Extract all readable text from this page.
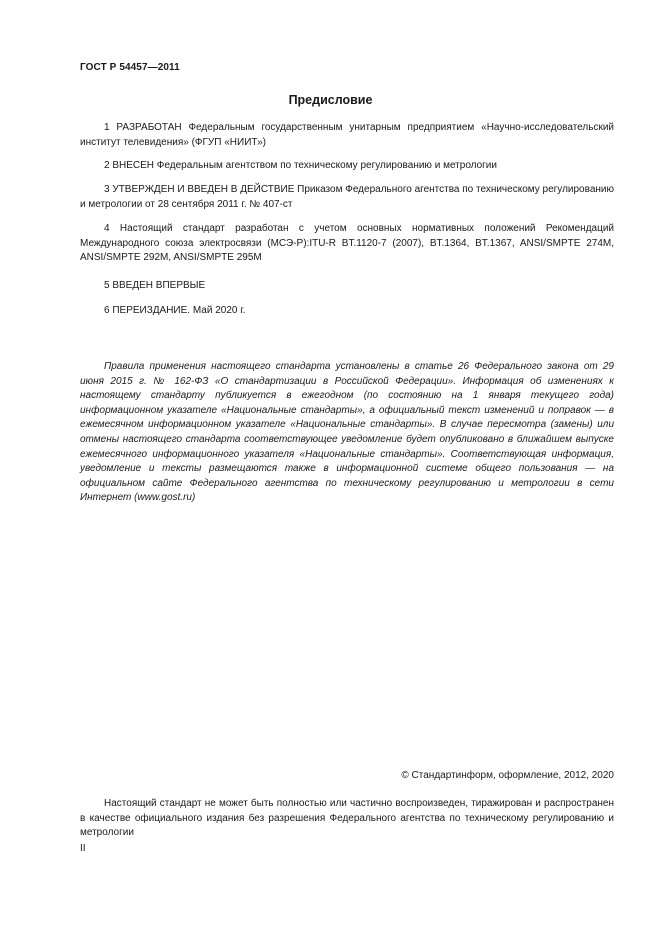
ГОСТ Р 54457—2011
Предисловие

1 РАЗРАБОТАН Федеральным государственным унитарным предприятием «Научно-исследовательский институт телевидения» (ФГУП «НИИТ»)

2 ВНЕСЕН Федеральным агентством по техническому регулированию и метрологии

3 УТВЕРЖДЕН И ВВЕДЕН В ДЕЙСТВИЕ Приказом Федерального агентства по техническому регулированию и метрологии от 28 сентября 2011 г. № 407-ст

4 Настоящий стандарт разработан с учетом основных нормативных положений Рекомендаций Международного союза электросвязи (МСЭ-Р):ITU-R BT.1120-7 (2007), BT.1364, BT.1367, ANSI/SMPTE 274M, ANSI/SMPTE 292M, ANSI/SMPTE 295M

5 ВВЕДЕН ВПЕРВЫЕ

6 ПЕРЕИЗДАНИЕ. Май 2020 г.

Правила применения настоящего стандарта установлены в статье 26 Федерального закона от 29 июня 2015 г. № 162-ФЗ «О стандартизации в Российской Федерации». Информация об изменениях к настоящему стандарту публикуется в ежегодном (по состоянию на 1 января текущего года) информационном указателе «Национальные стандарты», а официальный текст изменений и поправок — в ежемесячном информационном указателе «Национальные стандарты». В случае пересмотра (замены) или отмены настоящего стандарта соответствующее уведомление будет опубликовано в ближайшем выпуске ежемесячного информационного указателя «Национальные стандарты». Соответствующая информация, уведомление и тексты размещаются также в информационной системе общего пользования — на официальном сайте Федерального агентства по техническому регулированию и метрологии в сети Интернет (www.gost.ru)

© Стандартинформ, оформление, 2012, 2020

Настоящий стандарт не может быть полностью или частично воспроизведен, тиражирован и распространен в качестве официального издания без разрешения Федерального агентства по техническому регулированию и метрологии

II
